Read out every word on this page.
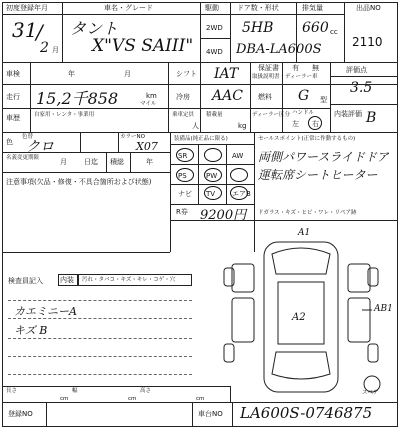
初度登録年月
31
/
2 月
車名・グレード
タント
X"VS SAIII"
駆動
2WD
4WD
ドア数・形状
5HB
排気量
660 cc
DBA-LA600S
出品NO
2110
車検	年	月	シフト IAT	保証書
取扱説明書・ディーラー車
有 無	評価点
3.5
走行 15,2千858	km
マイル
冷房 AAC 燃料 G 型
車歴	自家用・レンタ・事業用	乗車定員
人
積載量
kg
ディーラー区分 ハンドル
左 右
内装評価 B
色
色替
クロ
カラーNO
X07
名義変更期限	月 日迄 積総	年
注意事項(欠品・修復・不具合箇所および状態)
装備品(純正品に限る)
SR	AW
PS	PW
ナビ TV エアB
R券 9200円
セールスポイント(正常に作動するもの)
両側パワースライドドア
運転席シートヒーター
ドガラス・キズ・ヒビ・ワレ・リペア跡
検査員記入 内装 汚れ・タバコ・キズ・キレ・コゲ・穴
カエミニーA
キズ B
A1
A2
AB1
スペア
長さ
cm
幅
cm
高さ
cm
登録NO	車台NO LA600S-0746875
